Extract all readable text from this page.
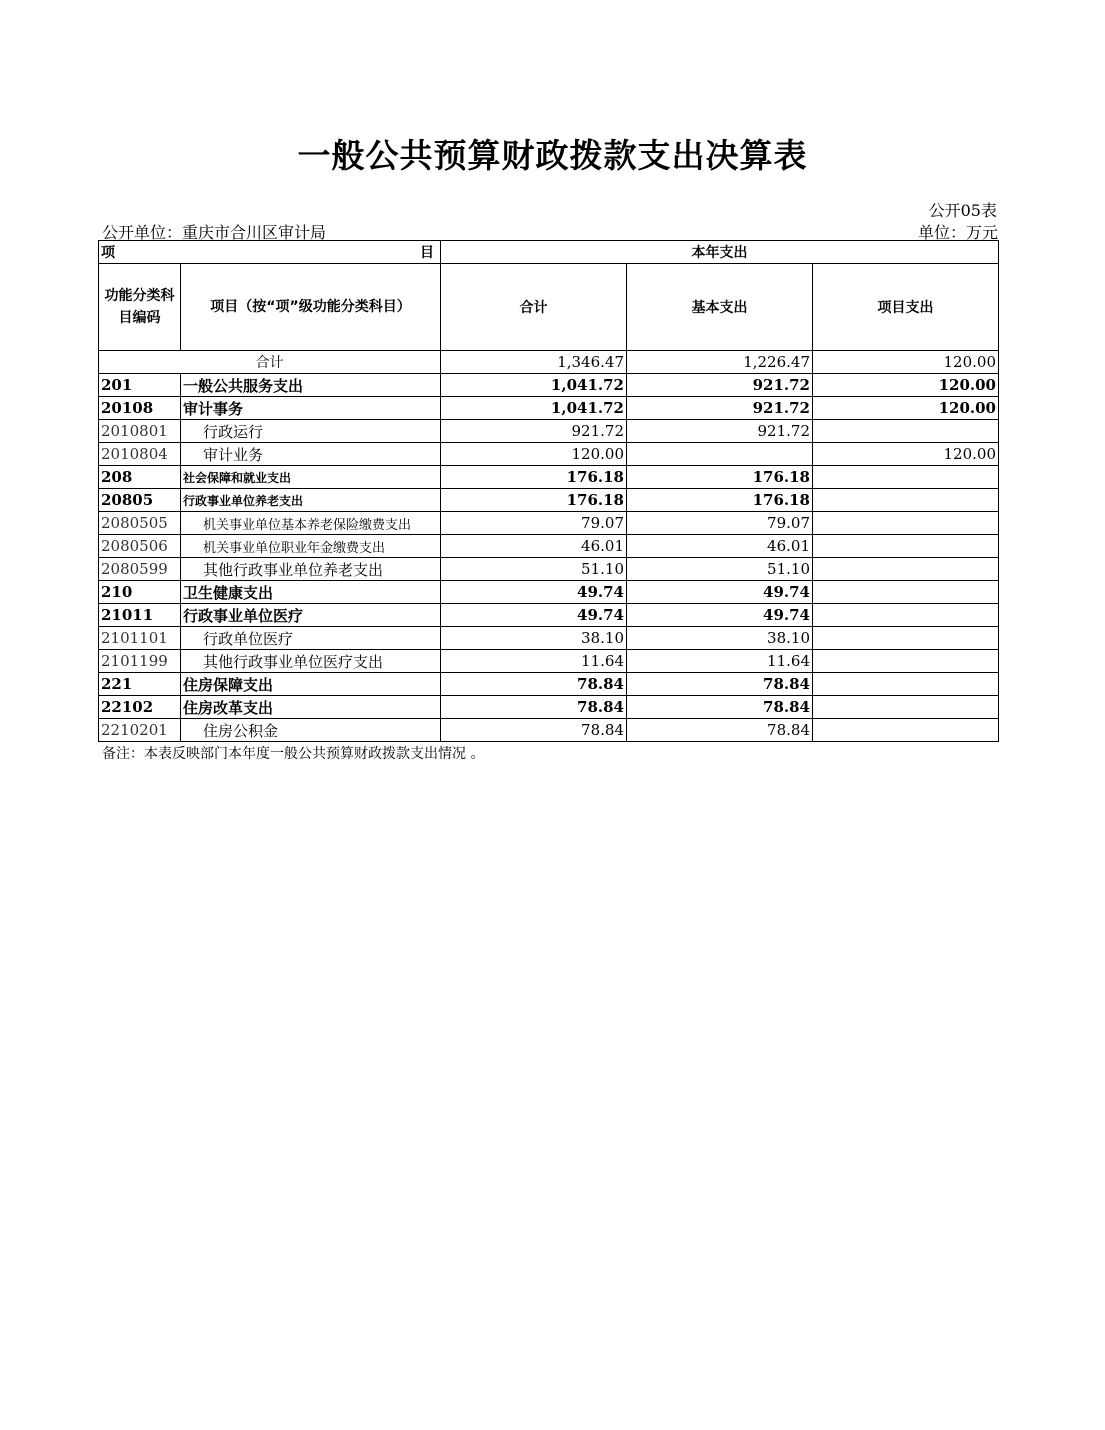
一般公共预算财政拨款支出决算表
公开05表
公开单位：重庆市合川区审计局	单位：万元
项 目		本年支出		
功能分类科目编码	项目（按“项”级功能分类科目）	合计	基本支出	项目支出
合计		1,346.47	1,226.47	120.00
201	一般公共服务支出	1,041.72	921.72	120.00
20108	审计事务	1,041.72	921.72	120.00
2010801	行政运行	921.72	921.72	
2010804	审计业务	120.00		120.00
208	社会保障和就业支出	176.18	176.18	
20805	行政事业单位养老支出	176.18	176.18	
2080505	机关事业单位基本养老保险缴费支出	79.07	79.07	
2080506	机关事业单位职业年金缴费支出	46.01	46.01	
2080599	其他行政事业单位养老支出	51.10	51.10	
210	卫生健康支出	49.74	49.74	
21011	行政事业单位医疗	49.74	49.74	
2101101	行政单位医疗	38.10	38.10	
2101199	其他行政事业单位医疗支出	11.64	11.64	
221	住房保障支出	78.84	78.84	
22102	住房改革支出	78.84	78.84	
2210201	住房公积金	78.84	78.84	
备注：本表反映部门本年度一般公共预算财政拨款支出情况 。
